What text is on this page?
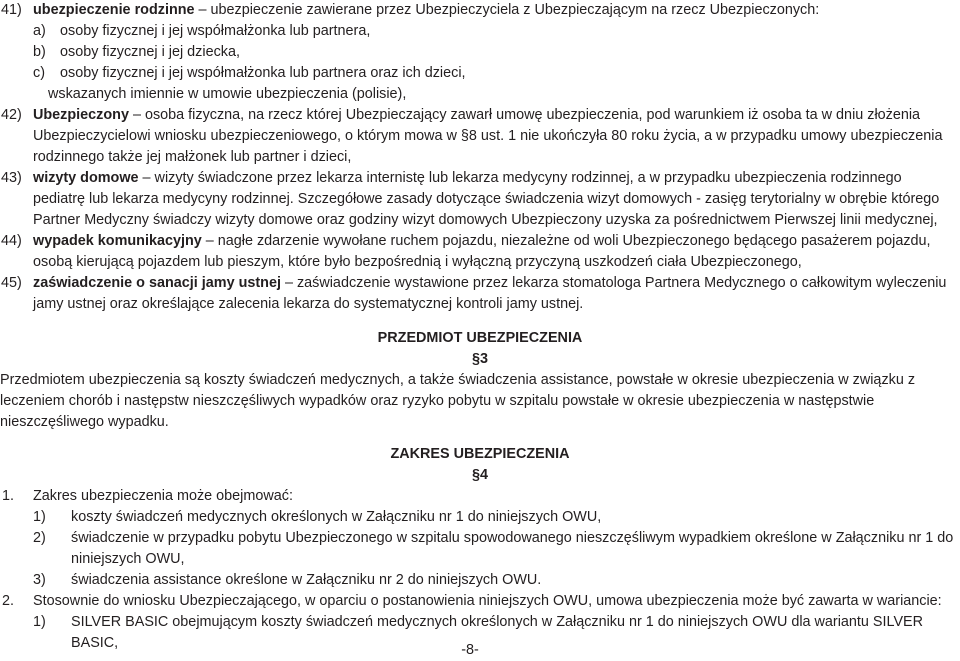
41) ubezpieczenie rodzinne – ubezpieczenie zawierane przez Ubezpieczyciela z Ubezpieczającym na rzecz Ubezpieczonych:

a) osoby fizycznej i jej współmałżonka lub partnera,

b) osoby fizycznej i jej dziecka,

c) osoby fizycznej i jej współmałżonka lub partnera oraz ich dzieci,

wskazanych imiennie w umowie ubezpieczenia (polisie),

42) Ubezpieczony – osoba fizyczna, na rzecz której Ubezpieczający zawarł umowę ubezpieczenia, pod warunkiem iż osoba ta w dniu złożenia Ubezpieczycielowi wniosku ubezpieczeniowego, o którym mowa w §8 ust. 1 nie ukończyła 80 roku życia, a w przypadku umowy ubezpieczenia rodzinnego także jej małżonek lub partner i dzieci,

43) wizyty domowe – wizyty świadczone przez lekarza internistę lub lekarza medycyny rodzinnej, a w przypadku ubezpieczenia rodzinnego pediatrę lub lekarza medycyny rodzinnej. Szczegółowe zasady dotyczące świadczenia wizyt domowych - zasięg terytorialny w obrębie którego Partner Medyczny świadczy wizyty domowe oraz godziny wizyt domowych Ubezpieczony uzyska za pośrednictwem Pierwszej linii medycznej,

44) wypadek komunikacyjny – nagłe zdarzenie wywołane ruchem pojazdu, niezależne od woli Ubezpieczonego będącego pasażerem pojazdu, osobą kierującą pojazdem lub pieszym, które było bezpośrednią i wyłączną przyczyną uszkodzeń ciała Ubezpieczonego,

45) zaświadczenie o sanacji jamy ustnej – zaświadczenie wystawione przez lekarza stomatologa Partnera Medycznego o całkowitym wyleczeniu jamy ustnej oraz określające zalecenia lekarza do systematycznej kontroli jamy ustnej.

PRZEDMIOT UBEZPIECZENIA
§3

Przedmiotem ubezpieczenia są koszty świadczeń medycznych, a także świadczenia assistance, powstałe w okresie ubezpieczenia w związku z leczeniem chorób i następstw nieszczęśliwych wypadków oraz ryzyko pobytu w szpitalu powstałe w okresie ubezpieczenia w następstwie nieszczęśliwego wypadku.

ZAKRES UBEZPIECZENIA
§4
1.	Zakres ubezpieczenia może obejmować:
1)	koszty świadczeń medycznych określonych w Załączniku nr 1 do niniejszych OWU,
2)	świadczenie w przypadku pobytu Ubezpieczonego w szpitalu spowodowanego nieszczęśliwym wypadkiem określone w Załączniku nr 1 do niniejszych OWU,
3)	świadczenia assistance określone w Załączniku nr 2 do niniejszych OWU.
2.	Stosownie do wniosku Ubezpieczającego, w oparciu o postanowienia niniejszych OWU, umowa ubezpieczenia może być zawarta w wariancie:
1)	SILVER BASIC obejmującym koszty świadczeń medycznych określonych w Załączniku nr 1 do niniejszych OWU dla wariantu SILVER BASIC,	-8-
